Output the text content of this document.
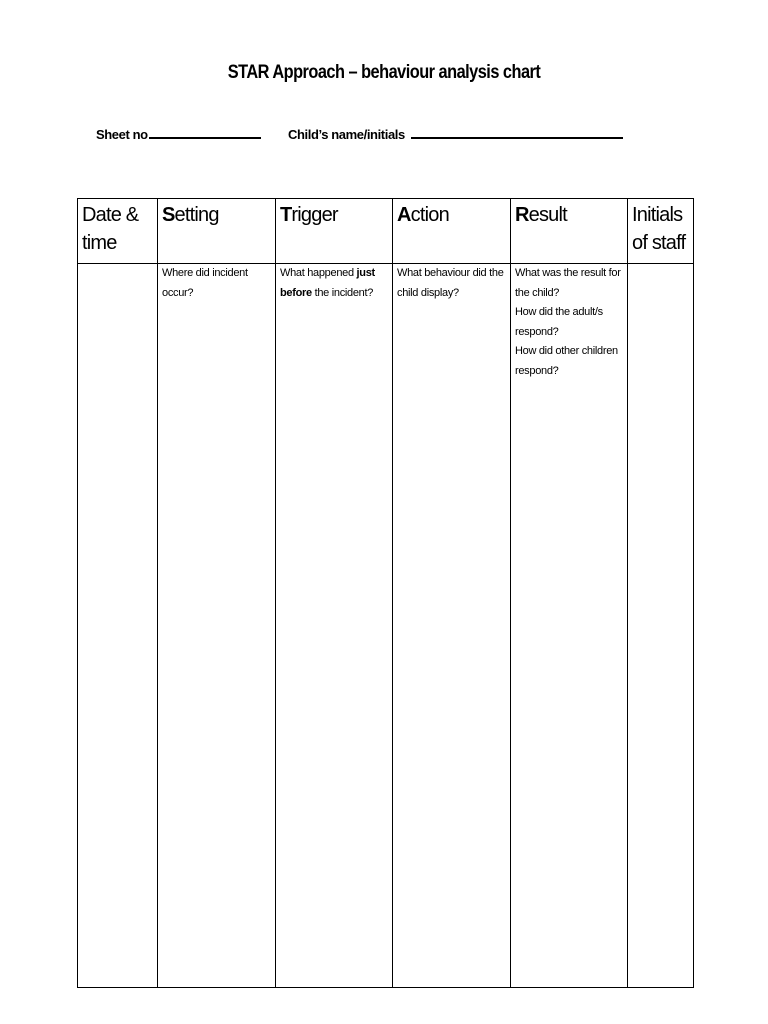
STAR Approach – behaviour analysis chart
Sheet no	Child’s name/initials
Date & time	Setting	Trigger	Action	Result	Initials of staff

	Where did incident occur?	What happened just before the incident?	What behaviour did the child display?	What was the result for the child?
How did the adult/s respond?
How did other children respond?	
